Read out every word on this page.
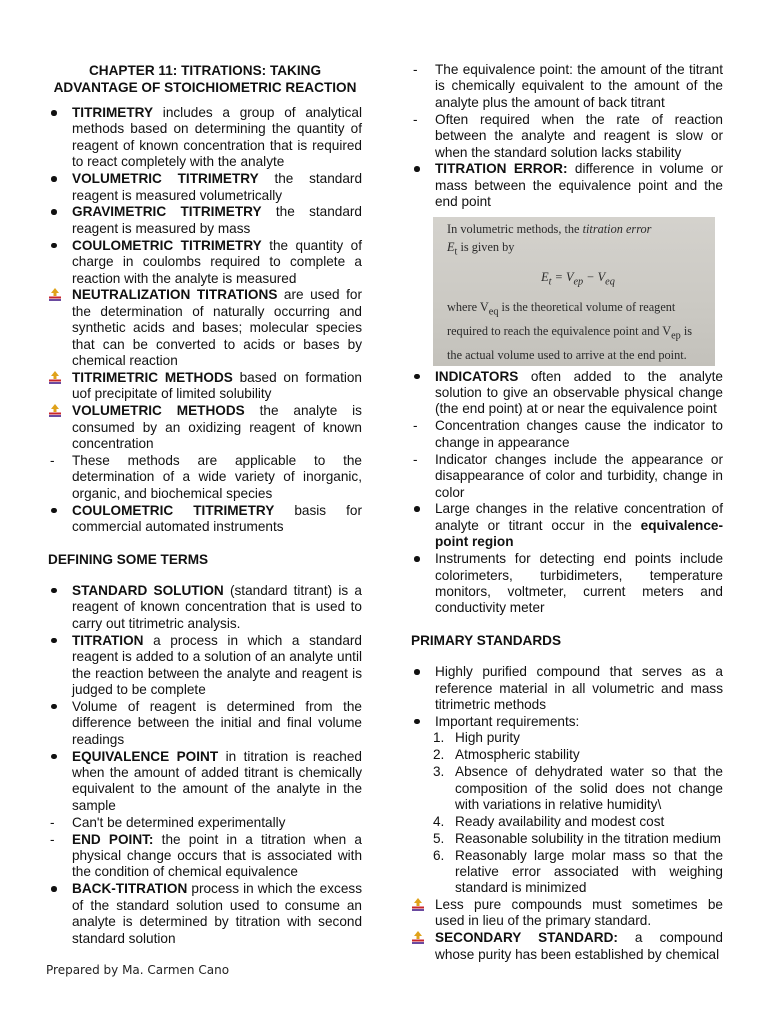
CHAPTER 11: TITRATIONS: TAKING ADVANTAGE OF STOICHIOMETRIC REACTION
TITRIMETRY includes a group of analytical methods based on determining the quantity of reagent of known concentration that is required to react completely with the analyte
VOLUMETRIC TITRIMETRY the standard reagent is measured volumetrically
GRAVIMETRIC TITRIMETRY the standard reagent is measured by mass
COULOMETRIC TITRIMETRY the quantity of charge in coulombs required to complete a reaction with the analyte is measured
NEUTRALIZATION TITRATIONS are used for the determination of naturally occurring and synthetic acids and bases; molecular species that can be converted to acids or bases by chemical reaction
TITRIMETRIC METHODS based on formation uof precipitate of limited solubility
VOLUMETRIC METHODS the analyte is consumed by an oxidizing reagent of known concentration
These methods are applicable to the determination of a wide variety of inorganic, organic, and biochemical species
COULOMETRIC TITRIMETRY basis for commercial automated instruments
DEFINING SOME TERMS
STANDARD SOLUTION (standard titrant) is a reagent of known concentration that is used to carry out titrimetric analysis.
TITRATION a process in which a standard reagent is added to a solution of an analyte until the reaction between the analyte and reagent is judged to be complete
Volume of reagent is determined from the difference between the initial and final volume readings
EQUIVALENCE POINT in titration is reached when the amount of added titrant is chemically equivalent to the amount of the analyte in the sample
Can't be determined experimentally
END POINT: the point in a titration when a physical change occurs that is associated with the condition of chemical equivalence
BACK-TITRATION process in which the excess of the standard solution used to consume an analyte is determined by titration with second standard solution
The equivalence point: the amount of the titrant is chemically equivalent to the amount of the analyte plus the amount of back titrant
Often required when the rate of reaction between the analyte and reagent is slow or when the standard solution lacks stability
TITRATION ERROR: difference in volume or mass between the equivalence point and the end point
In volumetric methods, the titration error
$E_t$ is given by
$E_t = V_{ep} - V_{eq}$
where $V_{eq}$ is the theoretical volume of reagent required to reach the equivalence point and $V_{ep}$ is the actual volume used to arrive at the end point.
INDICATORS often added to the analyte solution to give an observable physical change (the end point) at or near the equivalence point
Concentration changes cause the indicator to change in appearance
Indicator changes include the appearance or disappearance of color and turbidity, change in color
Large changes in the relative concentration of analyte or titrant occur in the equivalence-point region
Instruments for detecting end points include colorimeters, turbidimeters, temperature monitors, voltmeter, current meters and conductivity meter
PRIMARY STANDARDS
Highly purified compound that serves as a reference material in all volumetric and mass titrimetric methods
Important requirements:
1. High purity
2. Atmospheric stability
3. Absence of dehydrated water so that the composition of the solid does not change with variations in relative humidity\
4. Ready availability and modest cost
5. Reasonable solubility in the titration medium
6. Reasonably large molar mass so that the relative error associated with weighing standard is minimized
Less pure compounds must sometimes be used in lieu of the primary standard.
SECONDARY STANDARD: a compound whose purity has been established by chemical
Prepared by Ma. Carmen Cano
